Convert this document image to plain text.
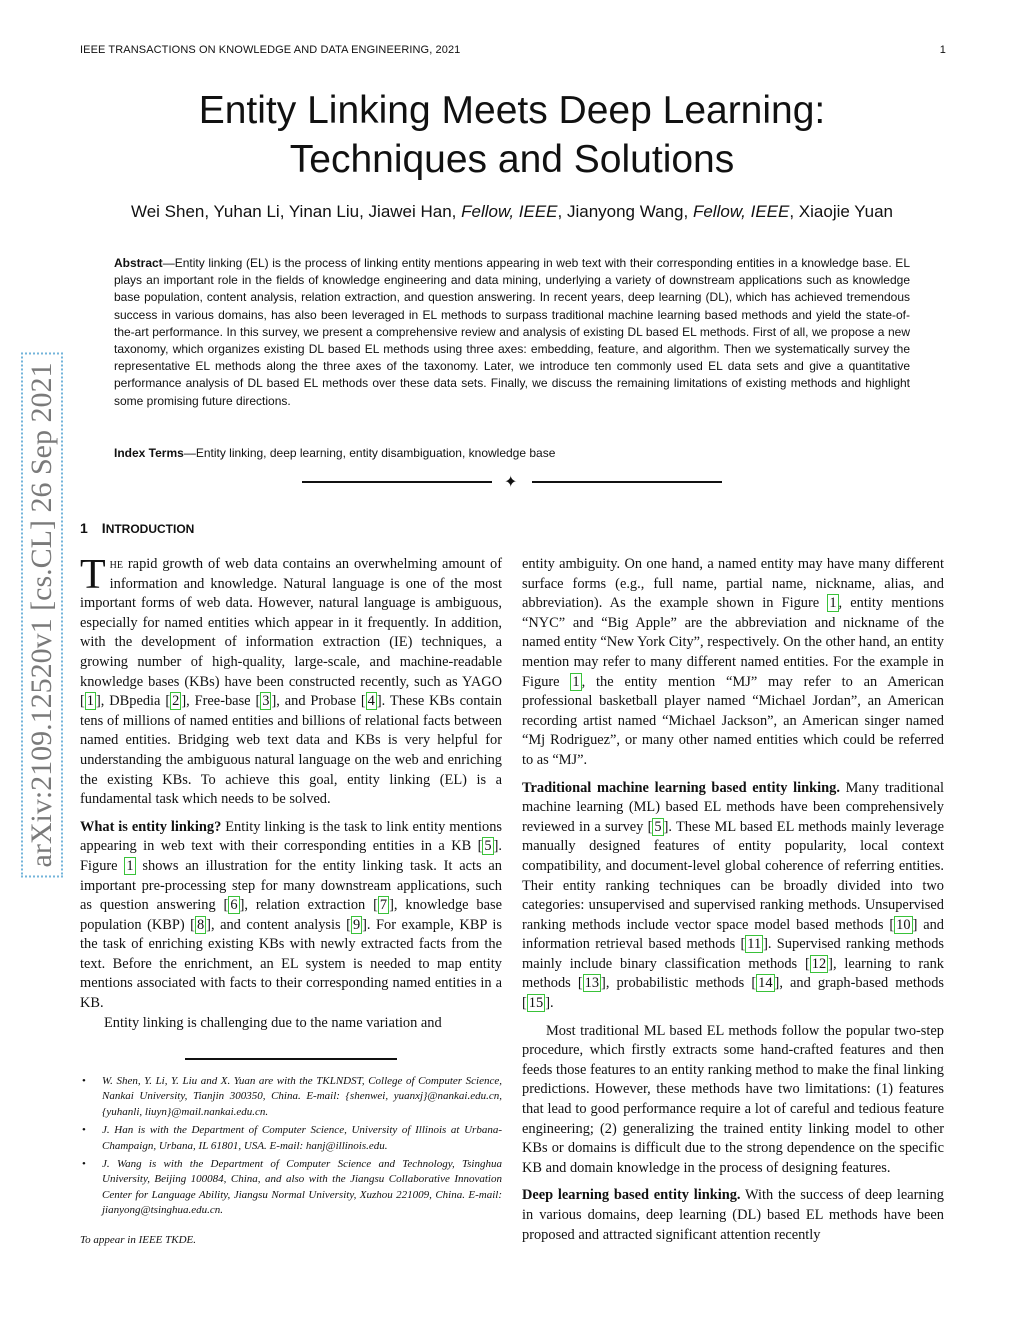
IEEE TRANSACTIONS ON KNOWLEDGE AND DATA ENGINEERING, 2021	1
arXiv:2109.12520v1 [cs.CL] 26 Sep 2021
Entity Linking Meets Deep Learning:
Techniques and Solutions
Wei Shen, Yuhan Li, Yinan Liu, Jiawei Han, Fellow, IEEE, Jianyong Wang, Fellow, IEEE, Xiaojie Yuan
Abstract—Entity linking (EL) is the process of linking entity mentions appearing in web text with their corresponding entities in a knowledge base. EL plays an important role in the fields of knowledge engineering and data mining, underlying a variety of downstream applications such as knowledge base population, content analysis, relation extraction, and question answering. In recent years, deep learning (DL), which has achieved tremendous success in various domains, has also been leveraged in EL methods to surpass traditional machine learning based methods and yield the state-of-the-art performance. In this survey, we present a comprehensive review and analysis of existing DL based EL methods. First of all, we propose a new taxonomy, which organizes existing DL based EL methods using three axes: embedding, feature, and algorithm. Then we systematically survey the representative EL methods along the three axes of the taxonomy. Later, we introduce ten commonly used EL data sets and give a quantitative performance analysis of DL based EL methods over these data sets. Finally, we discuss the remaining limitations of existing methods and highlight some promising future directions.
Index Terms—Entity linking, deep learning, entity disambiguation, knowledge base
✦
1 INTRODUCTION

The rapid growth of web data contains an overwhelming amount of information and knowledge. Natural language is one of the most important forms of web data. However, natural language is ambiguous, especially for named entities which appear in it frequently. In addition, with the development of information extraction (IE) techniques, a growing number of high-quality, large-scale, and machine-readable knowledge bases (KBs) have been constructed recently, such as YAGO [ 1 ], DBpedia [ 2 ], Free-base [ 3 ], and Probase [ 4 ]. These KBs contain tens of millions of named entities and billions of relational facts between named entities. Bridging web text data and KBs is very helpful for understanding the ambiguous natural language on the web and enriching the existing KBs. To achieve this goal, entity linking (EL) is a fundamental task which needs to be solved.

What is entity linking? Entity linking is the task to link entity mentions appearing in web text with their corresponding entities in a KB [ 5 ]. Figure 1 shows an illustration for the entity linking task. It acts an important pre-processing step for many downstream applications, such as question answering [ 6 ], relation extraction [ 7 ], knowledge base population (KBP) [ 8 ], and content analysis [ 9 ]. For example, KBP is the task of enriching existing KBs with newly extracted facts from the text. Before the enrichment, an EL system is needed to map entity mentions associated with facts to their corresponding named entities in a KB.

Entity linking is challenging due to the name variation and

• W. Shen, Y. Li, Y. Liu and X. Yuan are with the TKLNDST, College of Computer Science, Nankai University, Tianjin 300350, China. E-mail: {shenwei, yuanxj}@nankai.edu.cn, {yuhanli, liuyn}@mail.nankai.edu.cn.
• J. Han is with the Department of Computer Science, University of Illinois at Urbana-Champaign, Urbana, IL 61801, USA. E-mail: hanj@illinois.edu.
• J. Wang is with the Department of Computer Science and Technology, Tsinghua University, Beijing 100084, China, and also with the Jiangsu Collaborative Innovation Center for Language Ability, Jiangsu Normal University, Xuzhou 221009, China. E-mail: jianyong@tsinghua.edu.cn.
To appear in IEEE TKDE.

entity ambiguity. On one hand, a named entity may have many different surface forms (e.g., full name, partial name, nickname, alias, and abbreviation). As the example shown in Figure 1 , entity mentions “NYC” and “Big Apple” are the abbreviation and nickname of the named entity “New York City”, respectively. On the other hand, an entity mention may refer to many different named entities. For the example in Figure 1 , the entity mention “MJ” may refer to an American professional basketball player named “Michael Jordan”, an American recording artist named “Michael Jackson”, an American singer named “Mj Rodriguez”, or many other named entities which could be referred to as “MJ”.

Traditional machine learning based entity linking. Many traditional machine learning (ML) based EL methods have been comprehensively reviewed in a survey [ 5 ]. These ML based EL methods mainly leverage manually designed features of entity popularity, local context compatibility, and document-level global coherence of referring entities. Their entity ranking techniques can be broadly divided into two categories: unsupervised and supervised ranking methods. Unsupervised ranking methods include vector space model based methods [ 10 ] and information retrieval based methods [ 11 ]. Supervised ranking methods mainly include binary classification methods [ 12 ], learning to rank methods [ 13 ], probabilistic methods [ 14 ], and graph-based methods [ 15 ].

Most traditional ML based EL methods follow the popular two-step procedure, which firstly extracts some hand-crafted features and then feeds those features to an entity ranking method to make the final linking predictions. However, these methods have two limitations: (1) features that lead to good performance require a lot of careful and tedious feature engineering; (2) generalizing the trained entity linking model to other KBs or domains is difficult due to the strong dependence on the specific KB and domain knowledge in the process of designing features.

Deep learning based entity linking. With the success of deep learning in various domains, deep learning (DL) based EL methods have been proposed and attracted significant attention recently
